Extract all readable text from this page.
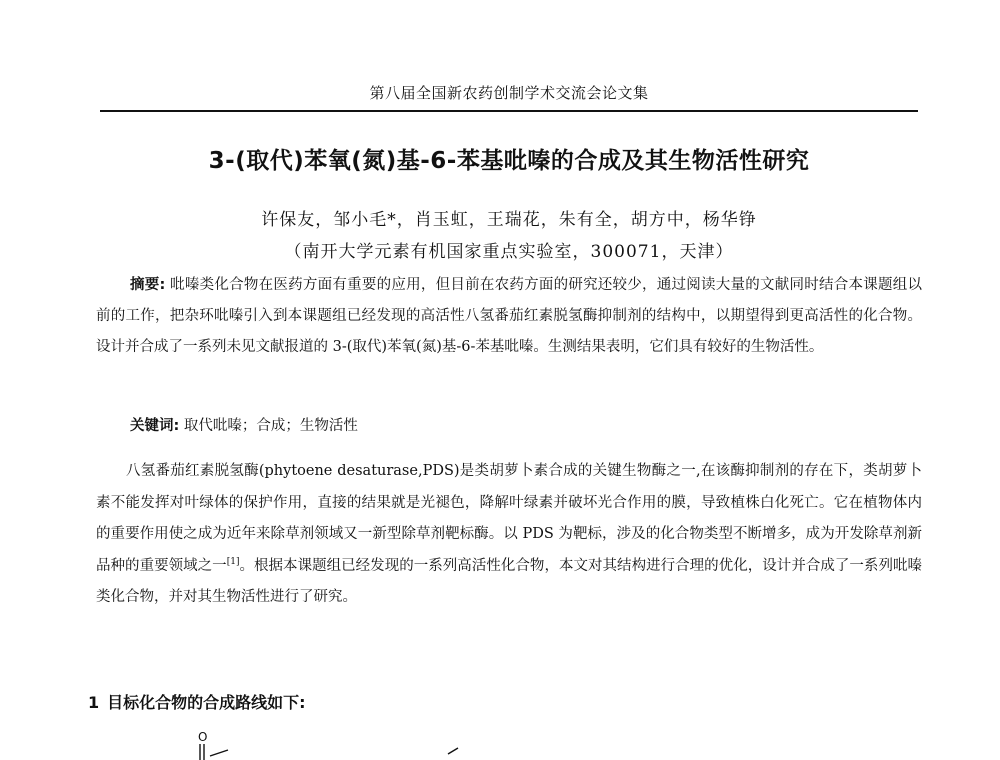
第八届全国新农药创制学术交流会论文集
3-(取代)苯氧(氮)基-6-苯基吡嗪的合成及其生物活性研究
许保友，邹小毛*，肖玉虹，王瑞花，朱有全，胡方中，杨华铮
（南开大学元素有机国家重点实验室，300071，天津）
摘要: 吡嗪类化合物在医药方面有重要的应用，但目前在农药方面的研究还较少，通过阅读大量的文献同时结合本课题组以前的工作，把杂环吡嗪引入到本课题组已经发现的高活性八氢番茄红素脱氢酶抑制剂的结构中，以期望得到更高活性的化合物。设计并合成了一系列未见文献报道的 3-(取代)苯氧(氮)基-6-苯基吡嗪。生测结果表明，它们具有较好的生物活性。
关键词: 取代吡嗪；合成；生物活性
八氢番茄红素脱氢酶(phytoene desaturase,PDS)是类胡萝卜素合成的关键生物酶之一,在该酶抑制剂的存在下，类胡萝卜素不能发挥对叶绿体的保护作用，直接的结果就是光褪色，降解叶绿素并破坏光合作用的膜，导致植株白化死亡。它在植物体内的重要作用使之成为近年来除草剂领域又一新型除草剂靶标酶。以 PDS 为靶标，涉及的化合物类型不断增多，成为开发除草剂新品种的重要领域之一[1]。根据本课题组已经发现的一系列高活性化合物，本文对其结构进行合理的优化，设计并合成了一系列吡嗪类化合物，并对其生物活性进行了研究。
1 目标化合物的合成路线如下:
O
